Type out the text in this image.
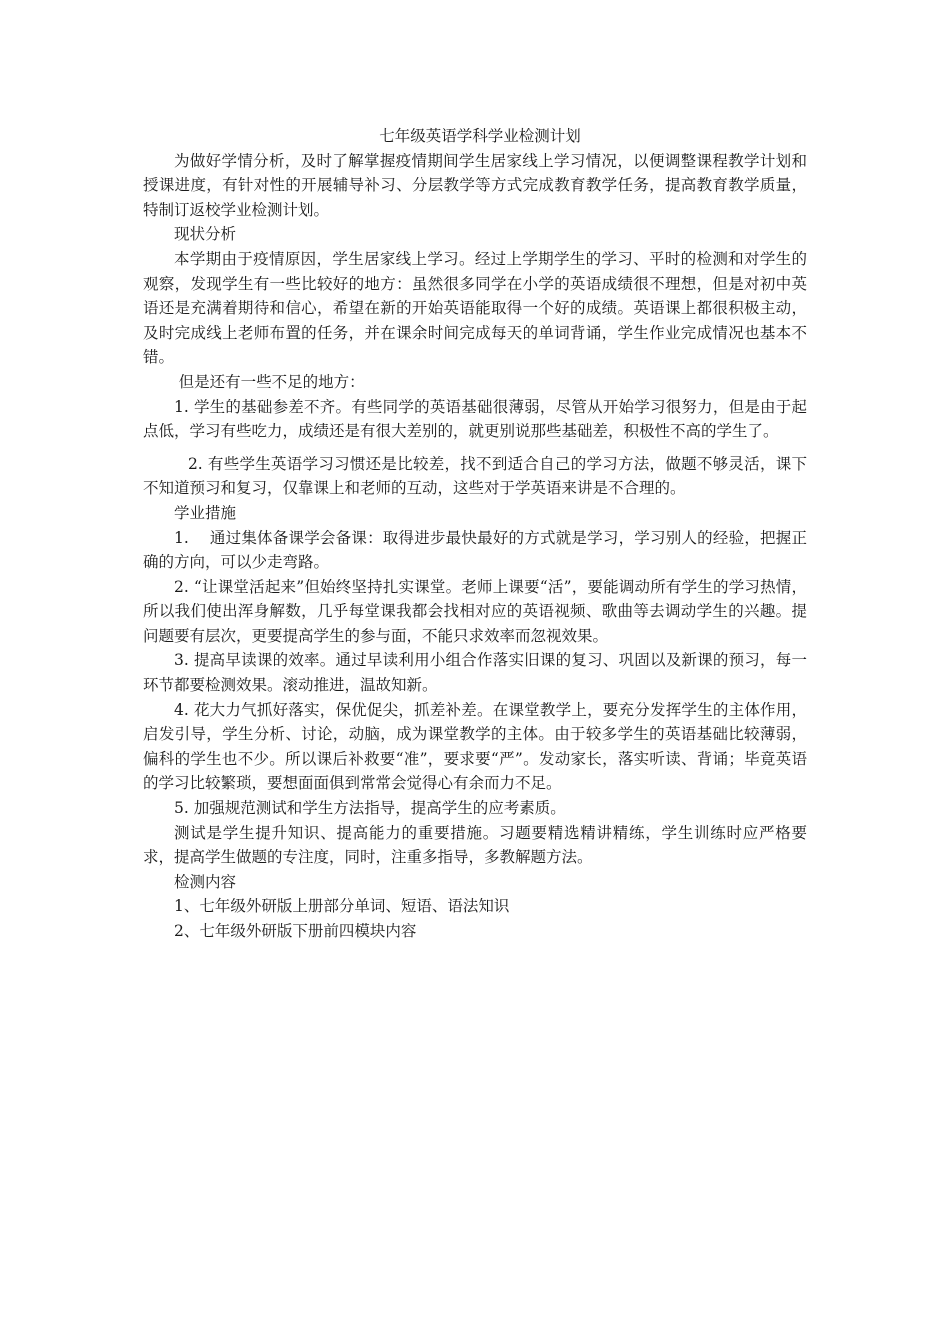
七年级英语学科学业检测计划

为做好学情分析，及时了解掌握疫情期间学生居家线上学习情况，以便调整课程教学计划和授课进度，有针对性的开展辅导补习、分层教学等方式完成教育教学任务，提高教育教学质量，特制订返校学业检测计划。

现状分析

本学期由于疫情原因，学生居家线上学习。经过上学期学生的学习、平时的检测和对学生的观察，发现学生有一些比较好的地方：虽然很多同学在小学的英语成绩很不理想，但是对初中英语还是充满着期待和信心，希望在新的开始英语能取得一个好的成绩。英语课上都很积极主动，及时完成线上老师布置的任务，并在课余时间完成每天的单词背诵，学生作业完成情况也基本不错。

但是还有一些不足的地方：

1. 学生的基础参差不齐。有些同学的英语基础很薄弱，尽管从开始学习很努力，但是由于起点低，学习有些吃力，成绩还是有很大差别的，就更别说那些基础差，积极性不高的学生了。

2. 有些学生英语学习习惯还是比较差，找不到适合自己的学习方法，做题不够灵活，课下不知道预习和复习，仅靠课上和老师的互动，这些对于学英语来讲是不合理的。

学业措施

1.　 通过集体备课学会备课：取得进步最快最好的方式就是学习，学习别人的经验，把握正确的方向，可以少走弯路。

2. “让课堂活起来”但始终坚持扎实课堂。老师上课要“活”，要能调动所有学生的学习热情，所以我们使出浑身解数，几乎每堂课我都会找相对应的英语视频、歌曲等去调动学生的兴趣。提问题要有层次，更要提高学生的参与面，不能只求效率而忽视效果。

3. 提高早读课的效率。通过早读利用小组合作落实旧课的复习、巩固以及新课的预习，每一环节都要检测效果。滚动推进，温故知新。

4. 花大力气抓好落实，保优促尖，抓差补差。在课堂教学上，要充分发挥学生的主体作用，启发引导，学生分析、讨论，动脑，成为课堂教学的主体。由于较多学生的英语基础比较薄弱，偏科的学生也不少。所以课后补救要“准”，要求要“严”。发动家长，落实听读、背诵；毕竟英语的学习比较繁琐，要想面面俱到常常会觉得心有余而力不足。

5. 加强规范测试和学生方法指导，提高学生的应考素质。

测试是学生提升知识、提高能力的重要措施。习题要精选精讲精练，学生训练时应严格要求，提高学生做题的专注度，同时，注重多指导，多教解题方法。

检测内容

1、七年级外研版上册部分单词、短语、语法知识

2、七年级外研版下册前四模块内容
